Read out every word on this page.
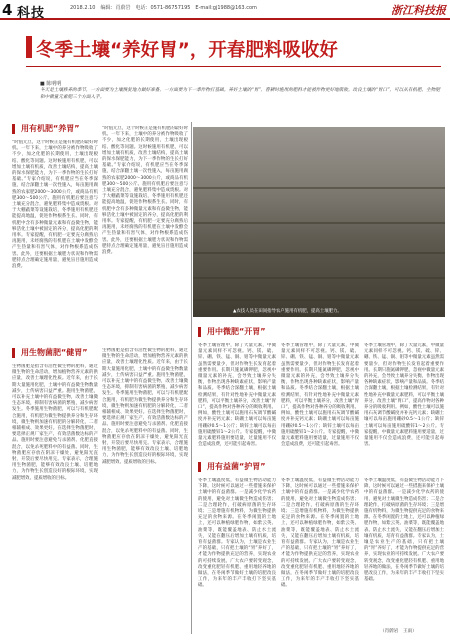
4 科技	2018.2.10　编辑：肖蔚岩　电话：0571-86757195　E-mail:gj1988@163.com	浙江科技报
冬季土壤“养好胃”，开春肥料吸收好
■ 陈明明
冬天是土壤修养的季节，一方面要为土壤恢复地力做好准备，一方面要为下一季作物打基础。养好土壤的“胃”，春耕时施用的肥料才能被作物更好地吸收。改良土壤的“胃口”，可以从有机肥、生物肥和中微量元素肥三个方面入手。
用有机肥“养胃”
“时值元旦，这个时候正是施有机肥的最好时机。一年下来，土壤中的养分被作物吸收了不少，加之化肥的长期使用，土壤出现板结、酸化等问题。这时候施用有机肥，可以增加土壤有机质，改善土壤结构，提高土壤的保水保肥能力，为下一季作物的生长打好基础。”专家介绍说，有机肥应当在冬季深施，结合深翻土壤一次性施入，每亩施用腐熟的农家肥2000～3000公斤，或商品有机肥300～500公斤。施用有机肥后要注意与土壤充分混合，避免肥料集中造成烧根。对于大棚蔬菜等设施栽培，冬季施用有机肥还能提高地温，促进作物根系生长。同时，有机肥中含有多种微量元素和有益微生物，能够活化土壤中被固定的养分，提高化肥的利用率。专家提醒，有机肥一定要充分腐熟后再施用，未经腐熟的有机肥在土壤中发酵会产生热量和有害气体，对作物根系造成伤害。此外，还要根据土壤肥力状况和作物需肥特点合理确定施用量，避免盲目施用造成浪费。
“时值元旦，这个时候正是施有机肥的最好时机。一年下来，土壤中的养分被作物吸收了不少，加之化肥的长期使用，土壤出现板结、酸化等问题。这时候施用有机肥，可以增加土壤有机质，改善土壤结构，提高土壤的保水保肥能力，为下一季作物的生长打好基础。”专家介绍说，有机肥应当在冬季深施，结合深翻土壤一次性施入，每亩施用腐熟的农家肥2000～3000公斤，或商品有机肥300～500公斤。施用有机肥后要注意与土壤充分混合，避免肥料集中造成烧根。对于大棚蔬菜等设施栽培，冬季施用有机肥还能提高地温，促进作物根系生长。同时，有机肥中含有多种微量元素和有益微生物，能够活化土壤中被固定的养分，提高化肥的利用率。专家提醒，有机肥一定要充分腐熟后再施用，未经腐熟的有机肥在土壤中发酵会产生热量和有害气体，对作物根系造成伤害。此外，还要根据土壤肥力状况和作物需肥特点合理确定施用量，避免盲目施用造成浪费。
▲农技人员在田间指导农户施用有机肥，提高土壤肥力。
用生物菌肥“健胃”
生物菌肥是指含有活性微生物的肥料，通过微生物的生命活动，增加植物营养元素的供应量，改善土壤理化性质。近年来，由于长期大量施用化肥，土壤中的有益微生物数量减少，土传病害日益严重。施用生物菌肥，可以补充土壤中的有益微生物，改善土壤微生态环境，抑制有害病菌的繁殖，减少病害发生。冬季施用生物菌肥，可以与有机肥配合施用，有机肥为微生物提供养分和生存环境，微生物则加速有机肥的分解转化，二者相辅相成、效果更好。在选择生物菌肥时，要选择正规厂家生产、有效活菌数达标的产品。施用时要注意避免与杀菌剂、化肥直接混合，以免杀死肥料中的有益菌。同时，生物菌肥应存放在阴凉干燥处，避免阳光直射，开袋后要尽快用完。专家表示，合理施用生物菌肥，能够有效改良土壤、培肥地力，为作物生长创造良好的根际环境，实现减肥增效、提质增收的目标。
生物菌肥是指含有活性微生物的肥料，通过微生物的生命活动，增加植物营养元素的供应量，改善土壤理化性质。近年来，由于长期大量施用化肥，土壤中的有益微生物数量减少，土传病害日益严重。施用生物菌肥，可以补充土壤中的有益微生物，改善土壤微生态环境，抑制有害病菌的繁殖，减少病害发生。冬季施用生物菌肥，可以与有机肥配合施用，有机肥为微生物提供养分和生存环境，微生物则加速有机肥的分解转化，二者相辅相成、效果更好。在选择生物菌肥时，要选择正规厂家生产、有效活菌数达标的产品。施用时要注意避免与杀菌剂、化肥直接混合，以免杀死肥料中的有益菌。同时，生物菌肥应存放在阴凉干燥处，避免阳光直射，开袋后要尽快用完。专家表示，合理施用生物菌肥，能够有效改良土壤、培肥地力，为作物生长创造良好的根际环境，实现减肥增效、提质增收的目标。
用中微肥“开胃”
冬季土壤管理中，除了大量元素，中微量元素同样不可忽视。钙、镁、硫、锌、硼、铁、锰、铜、钼等中微量元素虽然需要量少，但对作物生长发育起着重要作用。长期只施氮磷钾肥，忽视中微量元素的补充，会导致土壤养分失衡，作物出现各种缺素症状，影响产量和品质。冬季结合深翻土壤，根据土壤检测结果，有针对性地补充中微量元素肥料，可以平衡土壤养分，改善土壤“胃口”，提高作物对各种养分的吸收利用。例如，酸性土壤可以施用石灰调节酸碱度并补充钙元素；缺硼土壤可以每亩施用硼砂0.5～1公斤；缺锌土壤可以每亩施用硫酸锌1～2公斤。专家提醒，中微量元素肥料施用要适量，过量施用不仅会造成浪费，还可能引起毒害。
冬季土壤管理中，除了大量元素，中微量元素同样不可忽视。钙、镁、硫、锌、硼、铁、锰、铜、钼等中微量元素虽然需要量少，但对作物生长发育起着重要作用。长期只施氮磷钾肥，忽视中微量元素的补充，会导致土壤养分失衡，作物出现各种缺素症状，影响产量和品质。冬季结合深翻土壤，根据土壤检测结果，有针对性地补充中微量元素肥料，可以平衡土壤养分，改善土壤“胃口”，提高作物对各种养分的吸收利用。例如，酸性土壤可以施用石灰调节酸碱度并补充钙元素；缺硼土壤可以每亩施用硼砂0.5～1公斤；缺锌土壤可以每亩施用硫酸锌1～2公斤。专家提醒，中微量元素肥料施用要适量，过量施用不仅会造成浪费，还可能引起毒害。
冬季土壤管理中，除了大量元素，中微量元素同样不可忽视。钙、镁、硫、锌、硼、铁、锰、铜、钼等中微量元素虽然需要量少，但对作物生长发育起着重要作用。长期只施氮磷钾肥，忽视中微量元素的补充，会导致土壤养分失衡，作物出现各种缺素症状，影响产量和品质。冬季结合深翻土壤，根据土壤检测结果，有针对性地补充中微量元素肥料，可以平衡土壤养分，改善土壤“胃口”，提高作物对各种养分的吸收利用。例如，酸性土壤可以施用石灰调节酸碱度并补充钙元素；缺硼土壤可以每亩施用硼砂0.5～1公斤；缺锌土壤可以每亩施用硫酸锌1～2公斤。专家提醒，中微量元素肥料施用要适量，过量施用不仅会造成浪费，还可能引起毒害。
用有益菌“护胃”
冬季土壤温度低，有益微生物活动能力下降，这时候可以通过一些措施来保护土壤中的有益菌群。一是减少化学农药的使用，避免对土壤微生物造成伤害；二是合理轮作，打破病原菌的生存环境；三是增施有机物料，为微生物提供充足的食物来源。在冬季闲置的土地上，还可以种植绿肥作物，如紫云英、油菜等，既能覆盖地表、防止水土流失，又能在翻压后增加土壤有机质，培育有益菌群。专家认为，土壤是农业生产的基础，只有把土壤的“胃”养好了，才能为作物提供充足的营养，实现农业的可持续发展。广大农户要转变观念，改变重化肥轻有机肥、重用地轻养地的做法，在冬闲季节做好土壤的培肥改良工作，为来年的丰产丰收打下坚实基础。
冬季土壤温度低，有益微生物活动能力下降，这时候可以通过一些措施来保护土壤中的有益菌群。一是减少化学农药的使用，避免对土壤微生物造成伤害；二是合理轮作，打破病原菌的生存环境；三是增施有机物料，为微生物提供充足的食物来源。在冬季闲置的土地上，还可以种植绿肥作物，如紫云英、油菜等，既能覆盖地表、防止水土流失，又能在翻压后增加土壤有机质，培育有益菌群。专家认为，土壤是农业生产的基础，只有把土壤的“胃”养好了，才能为作物提供充足的营养，实现农业的可持续发展。广大农户要转变观念，改变重化肥轻有机肥、重用地轻养地的做法，在冬闲季节做好土壤的培肥改良工作，为来年的丰产丰收打下坚实基础。
冬季土壤温度低，有益微生物活动能力下降，这时候可以通过一些措施来保护土壤中的有益菌群。一是减少化学农药的使用，避免对土壤微生物造成伤害；二是合理轮作，打破病原菌的生存环境；三是增施有机物料，为微生物提供充足的食物来源。在冬季闲置的土地上，还可以种植绿肥作物，如紫云英、油菜等，既能覆盖地表、防止水土流失，又能在翻压后增加土壤有机质，培育有益菌群。专家认为，土壤是农业生产的基础，只有把土壤的“胃”养好了，才能为作物提供充足的营养，实现农业的可持续发展。广大农户要转变观念，改变重化肥轻有机肥、重用地轻养地的做法，在冬闲季节做好土壤的培肥改良工作，为来年的丰产丰收打下坚实基础。
（肖蔚岩　王雨）
